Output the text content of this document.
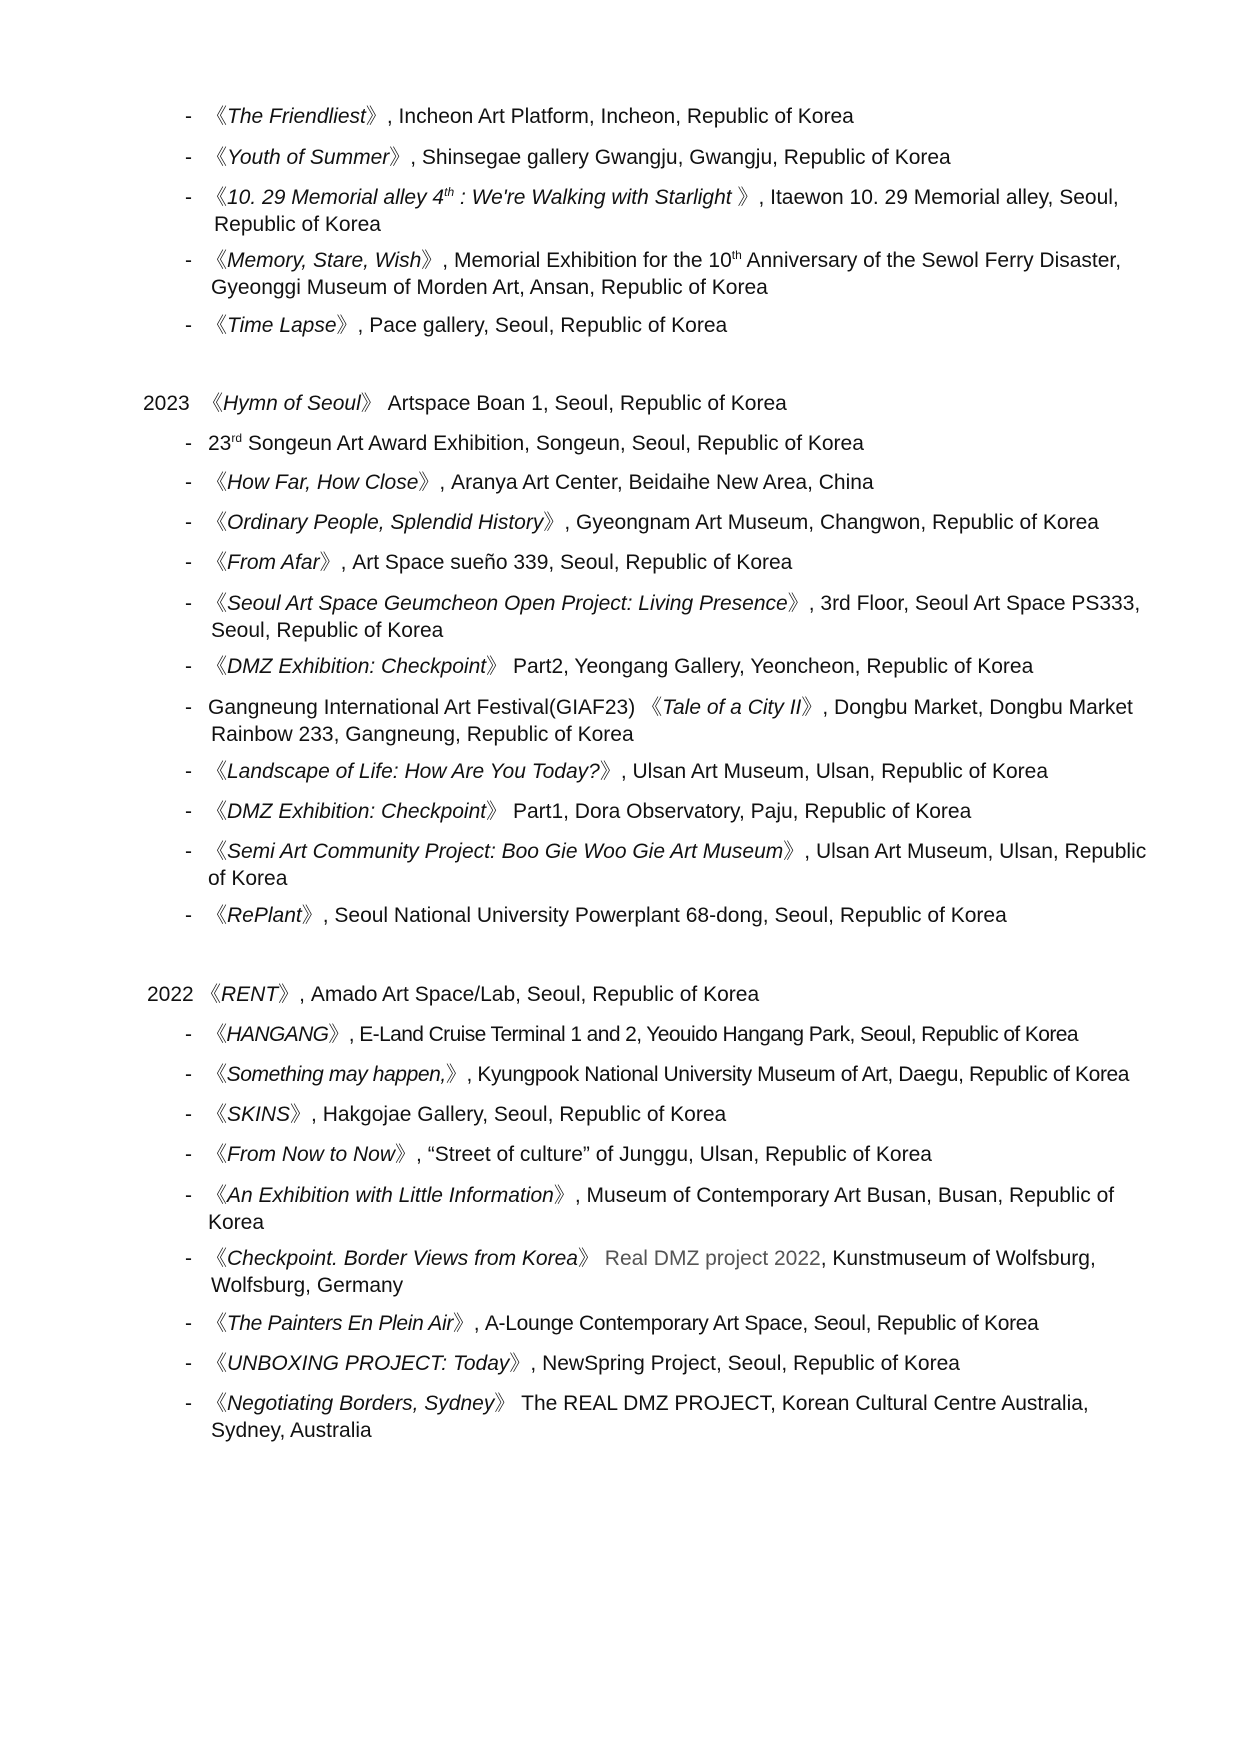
- 《The Friendliest》, Incheon Art Platform, Incheon, Republic of Korea
- 《Youth of Summer》, Shinsegae gallery Gwangju, Gwangju, Republic of Korea
- 《10. 29 Memorial alley 4th : We're Walking with Starlight 》, Itaewon 10. 29 Memorial alley, Seoul,
Republic of Korea
- 《Memory, Stare, Wish》, Memorial Exhibition for the 10th Anniversary of the Sewol Ferry Disaster,
Gyeonggi Museum of Morden Art, Ansan, Republic of Korea
- 《Time Lapse》, Pace gallery, Seoul, Republic of Korea
2023 《Hymn of Seoul》 Artspace Boan 1, Seoul, Republic of Korea
- 23rd Songeun Art Award Exhibition, Songeun, Seoul, Republic of Korea
- 《How Far, How Close》, Aranya Art Center, Beidaihe New Area, China
- 《Ordinary People, Splendid History》, Gyeongnam Art Museum, Changwon, Republic of Korea
- 《From Afar》, Art Space sueño 339, Seoul, Republic of Korea
- 《Seoul Art Space Geumcheon Open Project: Living Presence》, 3rd Floor, Seoul Art Space PS333,
Seoul, Republic of Korea
- 《DMZ Exhibition: Checkpoint》 Part2, Yeongang Gallery, Yeoncheon, Republic of Korea
- Gangneung International Art Festival(GIAF23) 《Tale of a City II》, Dongbu Market, Dongbu Market
Rainbow 233, Gangneung, Republic of Korea
- 《Landscape of Life: How Are You Today?》, Ulsan Art Museum, Ulsan, Republic of Korea
- 《DMZ Exhibition: Checkpoint》 Part1, Dora Observatory, Paju, Republic of Korea
- 《Semi Art Community Project: Boo Gie Woo Gie Art Museum》, Ulsan Art Museum, Ulsan, Republic
of Korea
- 《RePlant》, Seoul National University Powerplant 68-dong, Seoul, Republic of Korea
2022 《RENT》, Amado Art Space/Lab, Seoul, Republic of Korea
- 《HANGANG》, E-Land Cruise Terminal 1 and 2, Yeouido Hangang Park, Seoul, Republic of Korea
- 《Something may happen,》, Kyungpook National University Museum of Art, Daegu, Republic of Korea
- 《SKINS》, Hakgojae Gallery, Seoul, Republic of Korea
- 《From Now to Now》, “Street of culture” of Junggu, Ulsan, Republic of Korea
- 《An Exhibition with Little Information》, Museum of Contemporary Art Busan, Busan, Republic of
Korea
- 《Checkpoint. Border Views from Korea》 Real DMZ project 2022, Kunstmuseum of Wolfsburg,
Wolfsburg, Germany
- 《The Painters En Plein Air》, A-Lounge Contemporary Art Space, Seoul, Republic of Korea
- 《UNBOXING PROJECT: Today》, NewSpring Project, Seoul, Republic of Korea
- 《Negotiating Borders, Sydney》 The REAL DMZ PROJECT, Korean Cultural Centre Australia,
Sydney, Australia
